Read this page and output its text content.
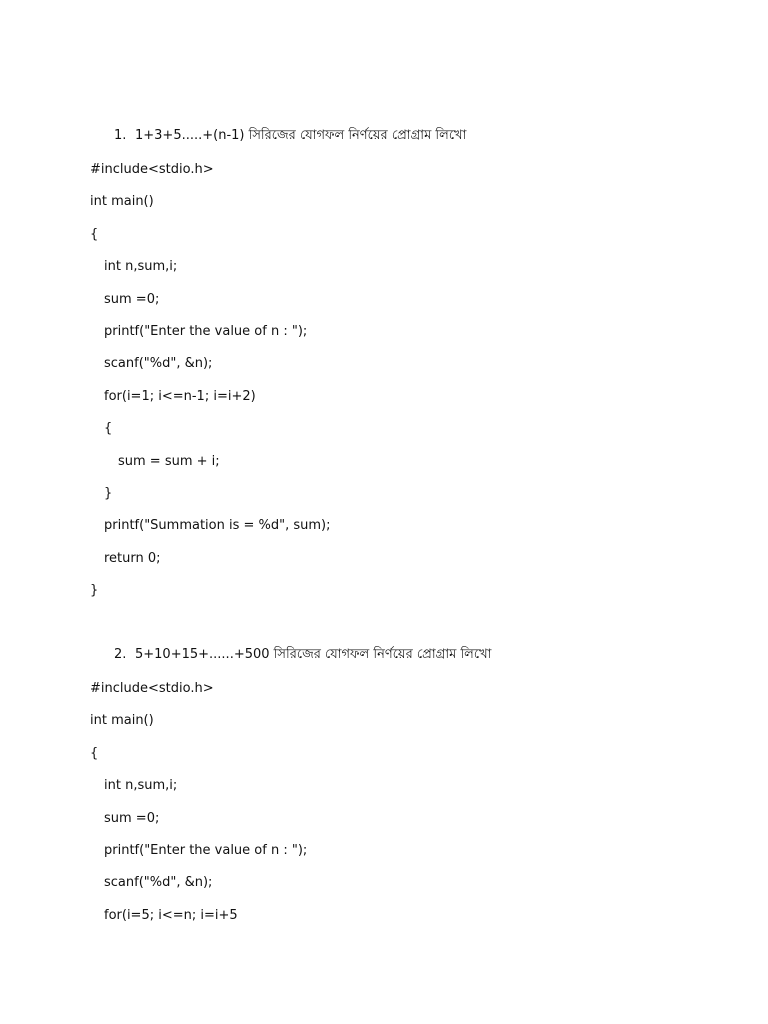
1. 1+3+5.....+(n-1) সিরিজের যোগফল নির্ণয়ের প্রোগ্রাম লিখো
#include<stdio.h>
int main()
{
int n,sum,i;
sum =0;
printf("Enter the value of n : ");
scanf("%d", &n);
for(i=1; i<=n-1; i=i+2)
{
sum = sum + i;
}
printf("Summation is = %d", sum);
return 0;
}
2. 5+10+15+......+500 সিরিজের যোগফল নির্ণয়ের প্রোগ্রাম লিখো
#include<stdio.h>
int main()
{
int n,sum,i;
sum =0;
printf("Enter the value of n : ");
scanf("%d", &n);
for(i=5; i<=n; i=i+5
